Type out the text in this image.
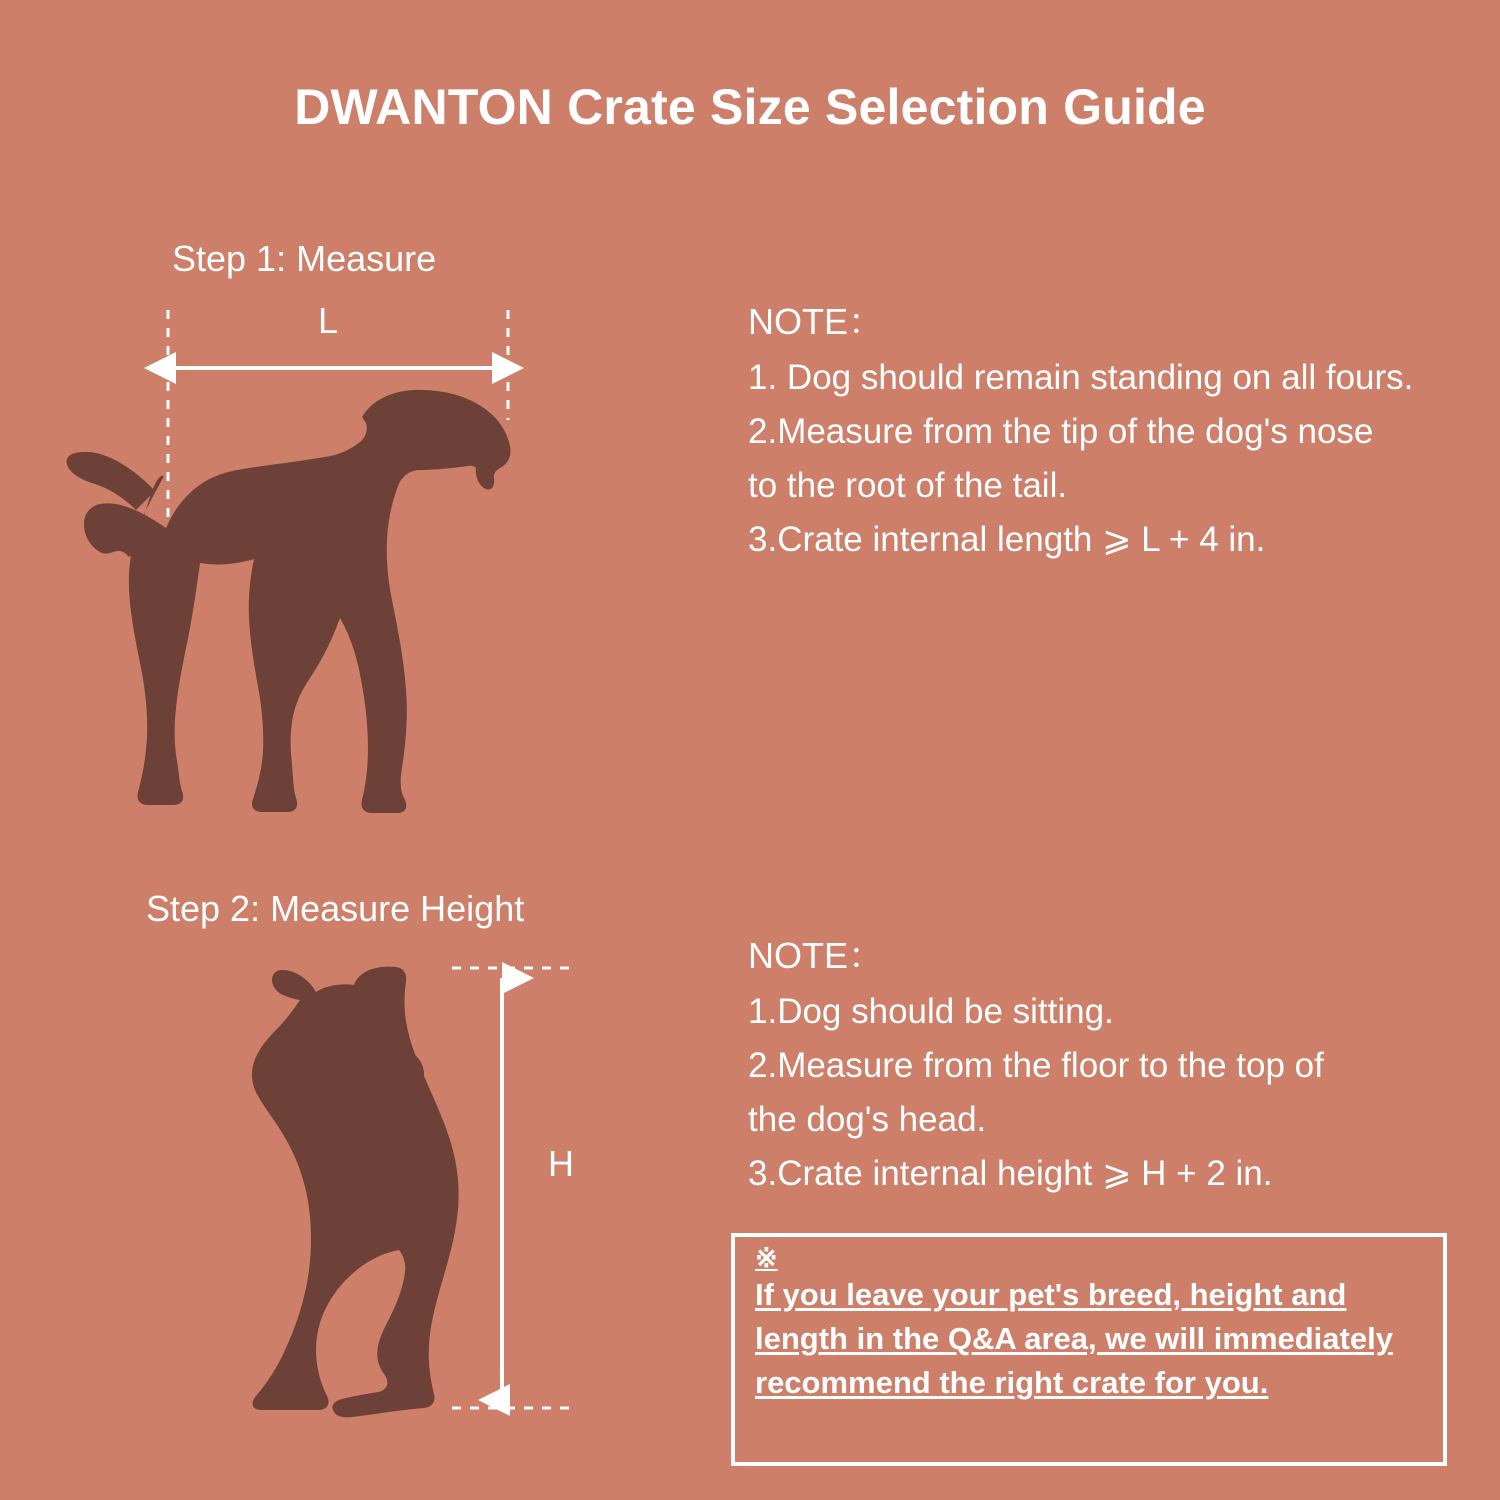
DWANTON Crate Size Selection Guide
Step 1: Measure
L
Step 2: Measure Height
H
NOTE：
1. Dog should remain standing on all fours.
2.Measure from the tip of the dog's nose
to the root of the tail.
3.Crate internal length ⩾ L + 4 in.
NOTE：
1.Dog should be sitting.
2.Measure from the floor to the top of
the dog's head.
3.Crate internal height ⩾ H + 2 in.
※
If you leave your pet's breed, height and length in the Q&A area, we will immediately recommend the right crate for you.
